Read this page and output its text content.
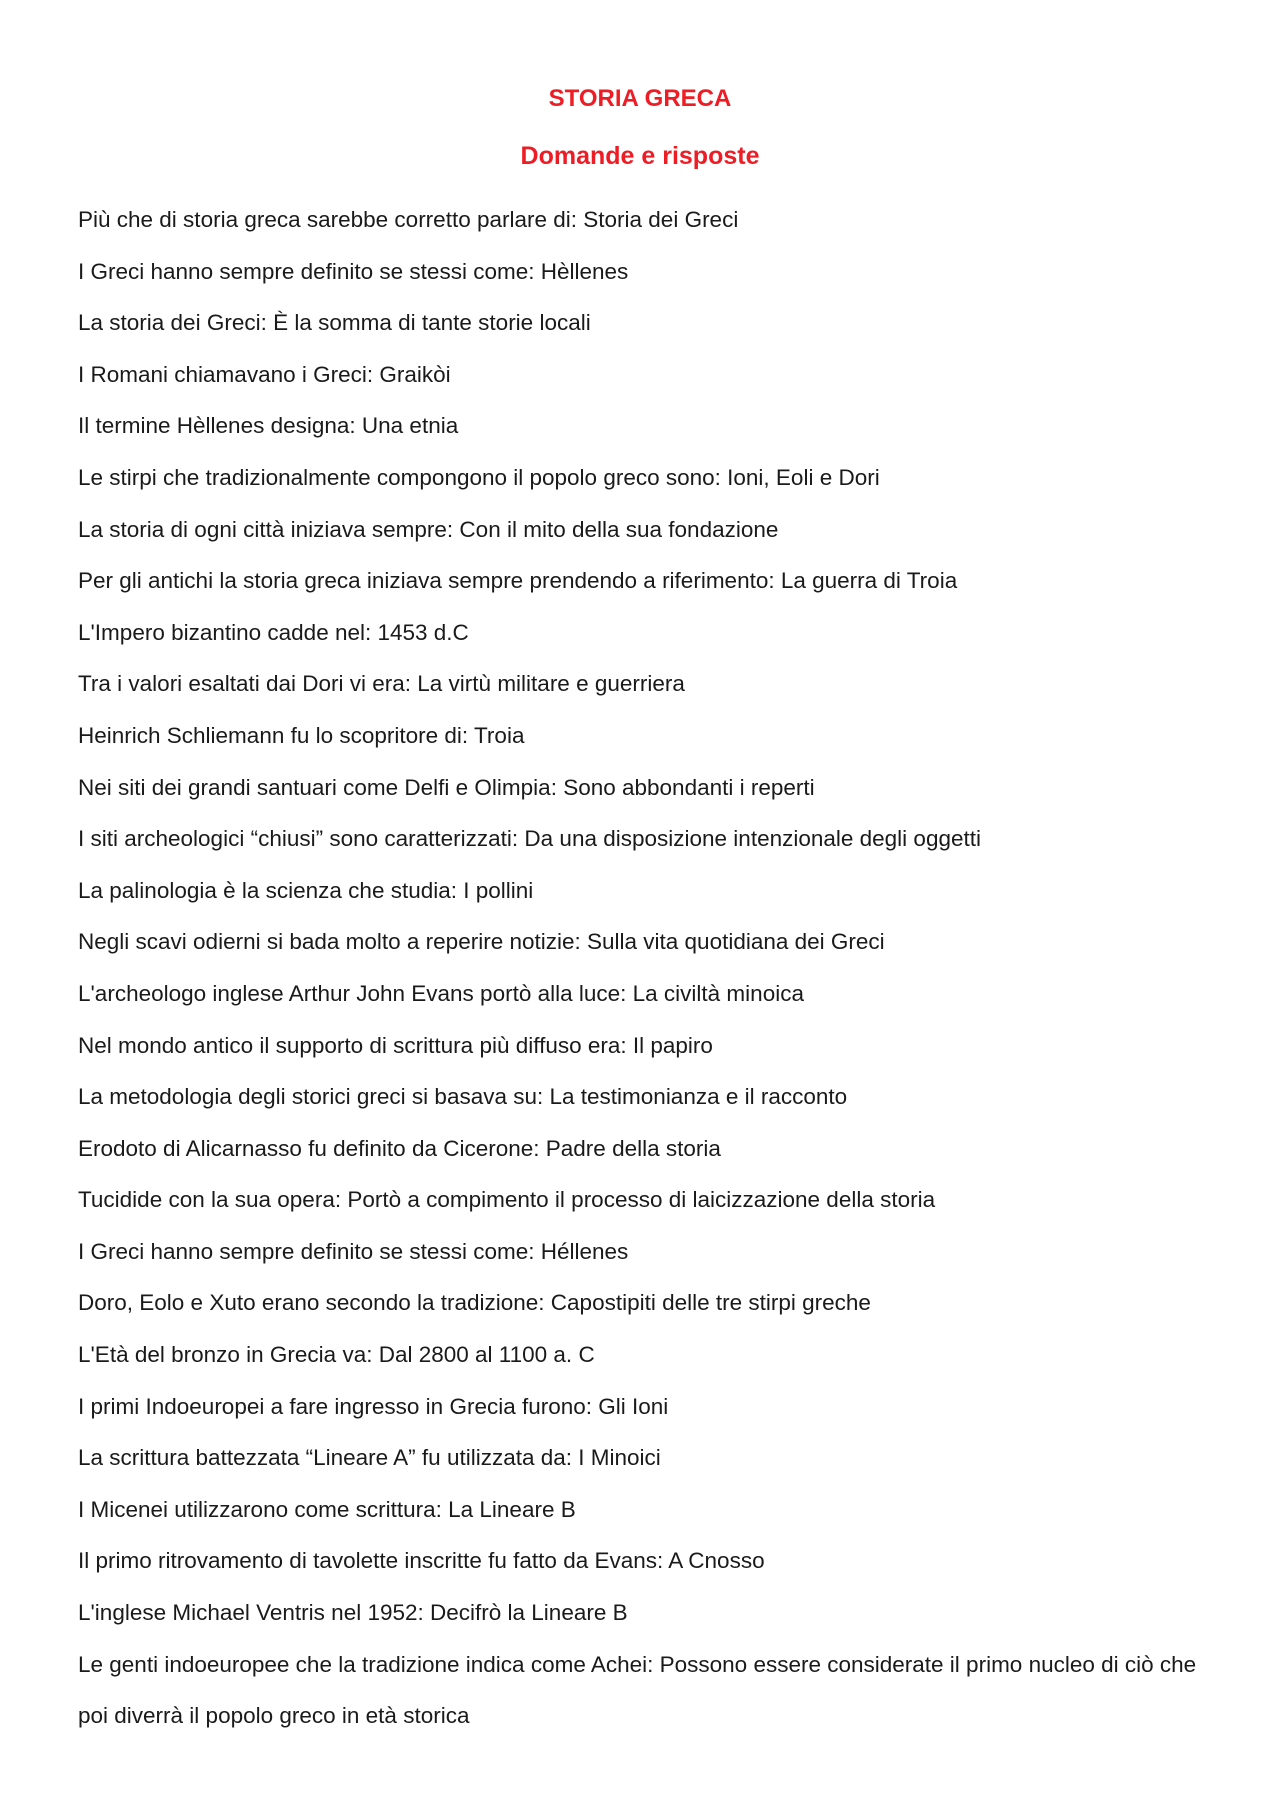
STORIA GRECA
Domande e risposte
Più che di storia greca sarebbe corretto parlare di: Storia dei Greci
I Greci hanno sempre definito se stessi come: Hèllenes
La storia dei Greci: È la somma di tante storie locali
I Romani chiamavano i Greci: Graikòi
Il termine Hèllenes designa: Una etnia
Le stirpi che tradizionalmente compongono il popolo greco sono: Ioni, Eoli e Dori
La storia di ogni città iniziava sempre: Con il mito della sua fondazione
Per gli antichi la storia greca iniziava sempre prendendo a riferimento: La guerra di Troia
L'Impero bizantino cadde nel: 1453 d.C
Tra i valori esaltati dai Dori vi era: La virtù militare e guerriera
Heinrich Schliemann fu lo scopritore di: Troia
Nei siti dei grandi santuari come Delfi e Olimpia: Sono abbondanti i reperti
I siti archeologici “chiusi” sono caratterizzati: Da una disposizione intenzionale degli oggetti
La palinologia è la scienza che studia: I pollini
Negli scavi odierni si bada molto a reperire notizie: Sulla vita quotidiana dei Greci
L'archeologo inglese Arthur John Evans portò alla luce: La civiltà minoica
Nel mondo antico il supporto di scrittura più diffuso era: Il papiro
La metodologia degli storici greci si basava su: La testimonianza e il racconto
Erodoto di Alicarnasso fu definito da Cicerone: Padre della storia
Tucidide con la sua opera: Portò a compimento il processo di laicizzazione della storia
I Greci hanno sempre definito se stessi come: Héllenes
Doro, Eolo e Xuto erano secondo la tradizione: Capostipiti delle tre stirpi greche
L'Età del bronzo in Grecia va: Dal 2800 al 1100 a. C
I primi Indoeuropei a fare ingresso in Grecia furono: Gli Ioni
La scrittura battezzata “Lineare A” fu utilizzata da: I Minoici
I Micenei utilizzarono come scrittura: La Lineare B
Il primo ritrovamento di tavolette inscritte fu fatto da Evans: A Cnosso
L'inglese Michael Ventris nel 1952: Decifrò la Lineare B
Le genti indoeuropee che la tradizione indica come Achei: Possono essere considerate il primo nucleo di ciò che poi diverrà il popolo greco in età storica
